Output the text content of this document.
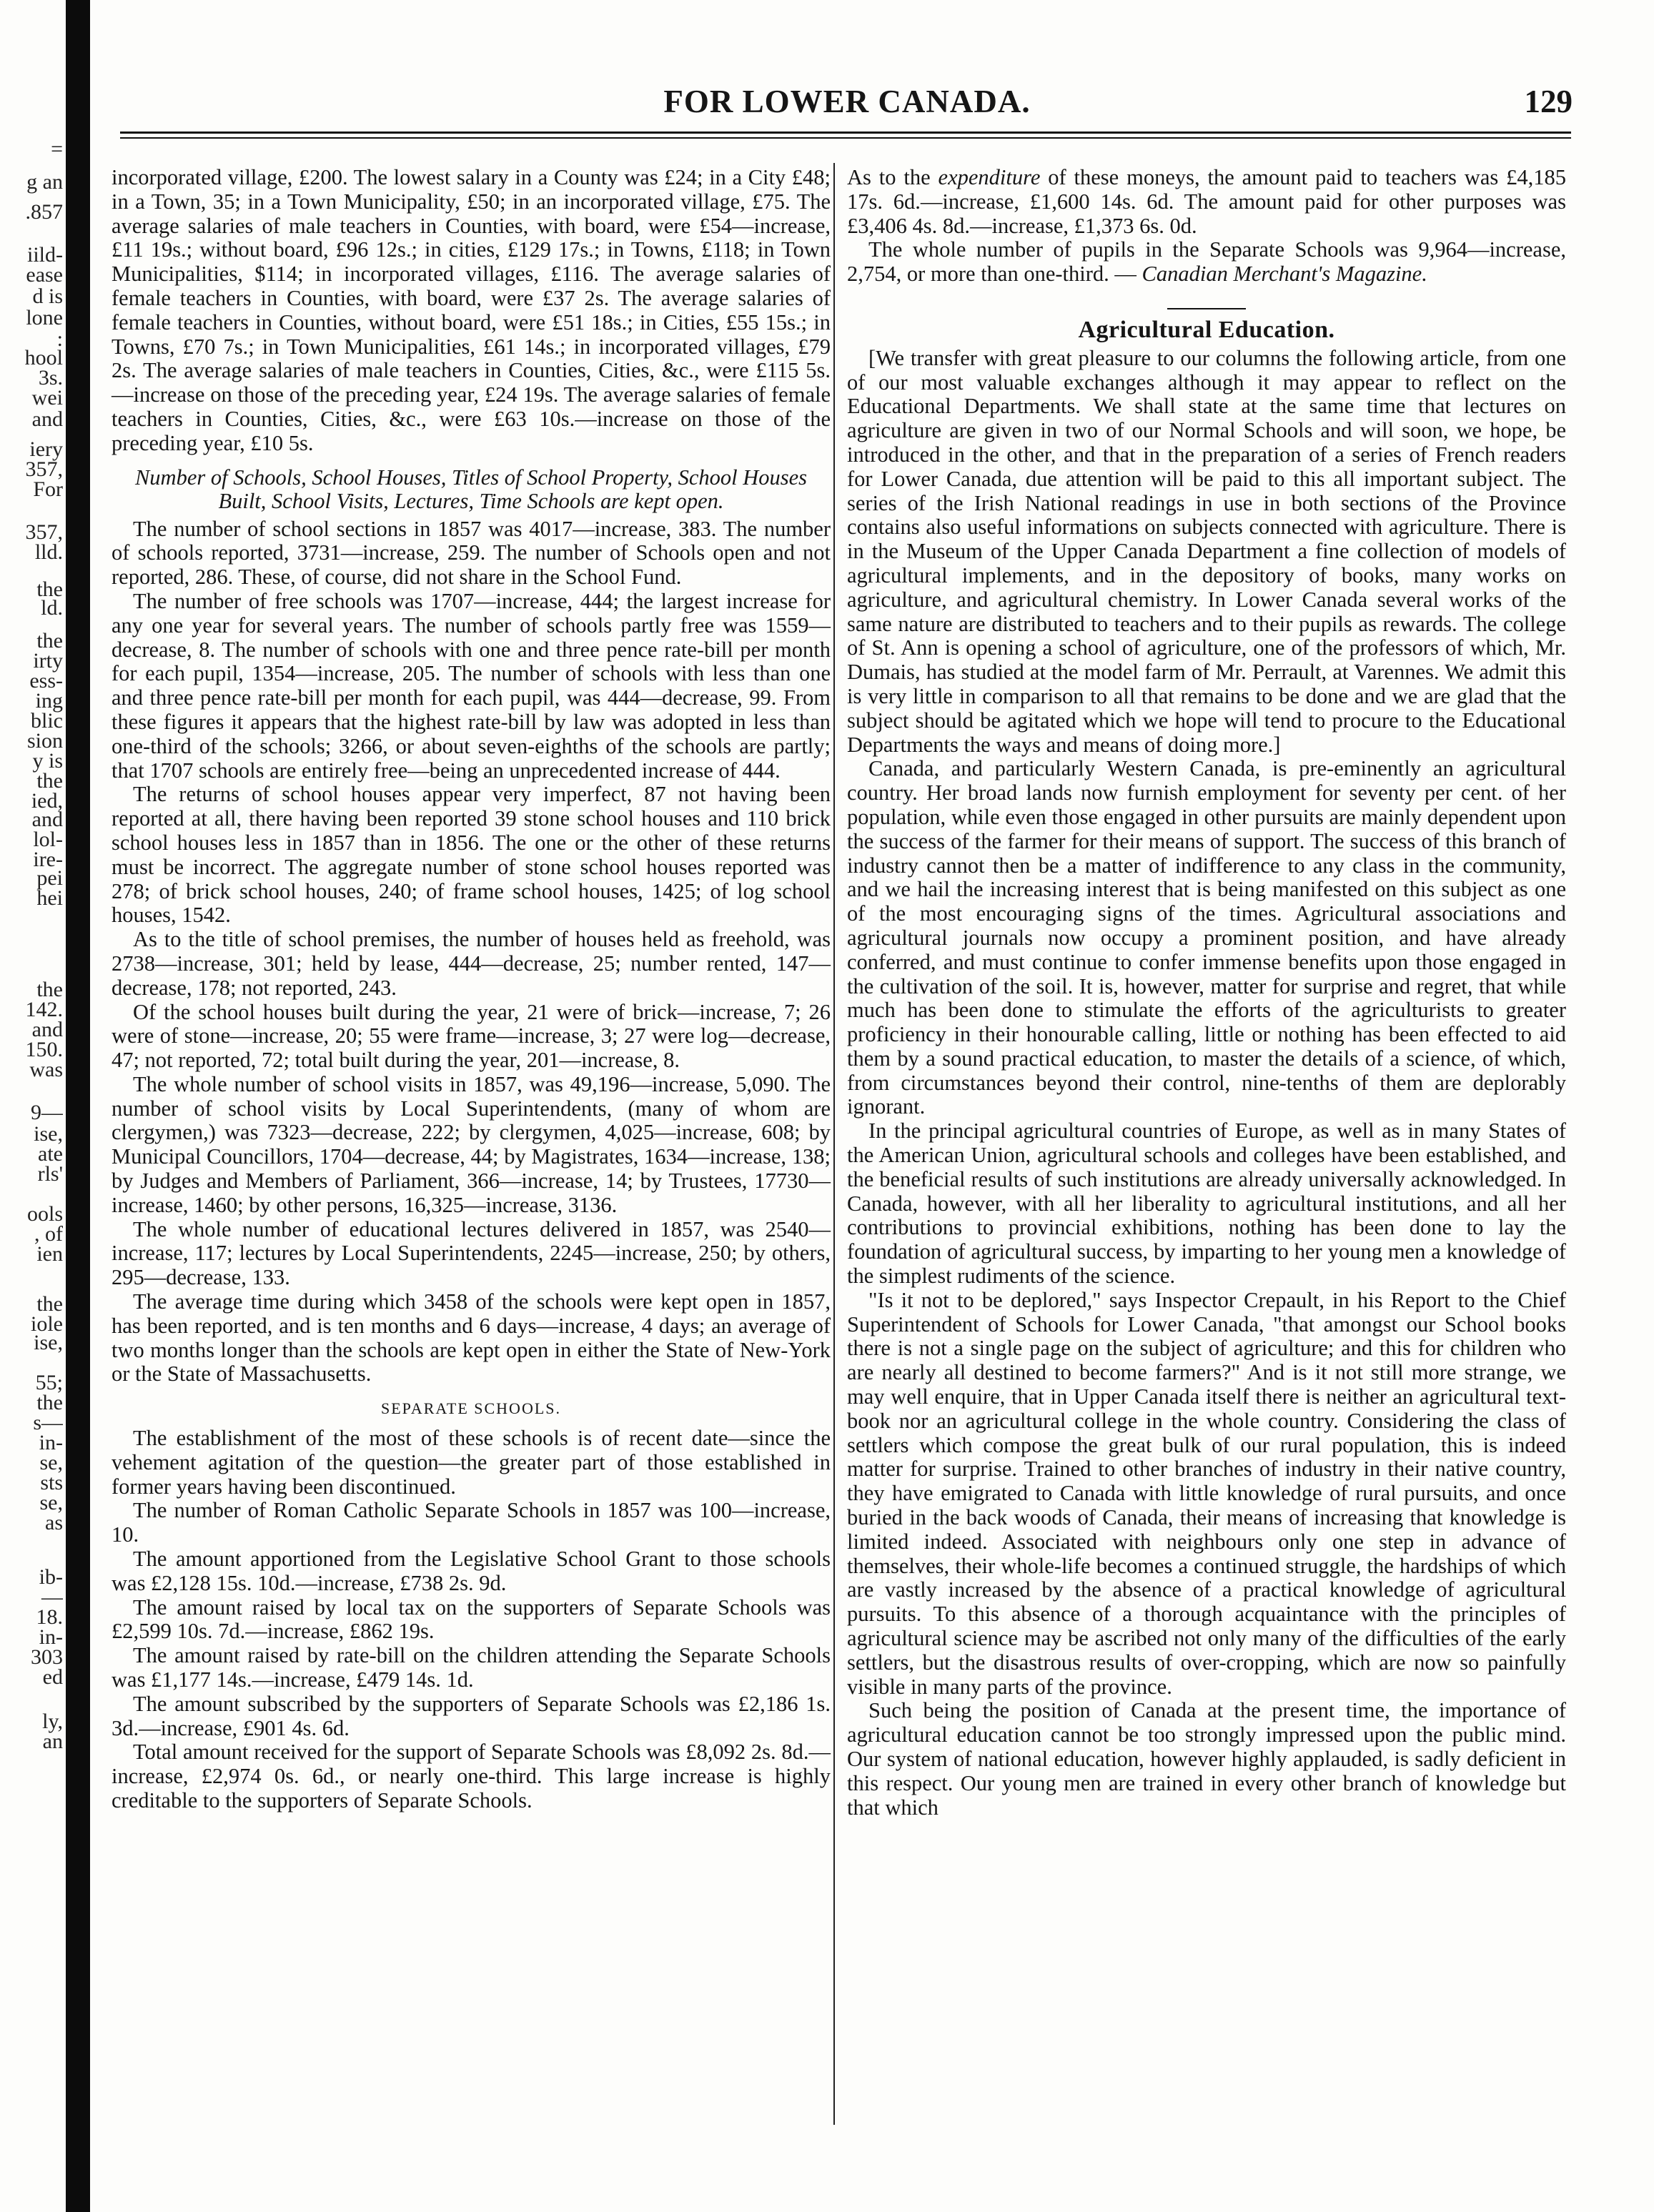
=
g an
.857
iild-
ease
d is
lone
:
hool
3s.
wei
and
iery
357,
For
357,
lld.
the
ld.
the
irty
ess-
ing
blic
sion
y is
the
ied,
and
lol-
ire-
pei
hei
the
142.
and
150.
was
9—
ise,
ate
rls'
ools
, of
ien
the
iole
ise,
55;
the
s—
in-
se,
sts
se,
as
ib-
—
18.
in-
303
ed
ly,
an
FOR LOWER CANADA.	129

incorporated village, £200. The lowest salary in a County was £24; in a City £48; in a Town, 35; in a Town Municipality, £50; in an incorporated village, £75. The average salaries of male teachers in Counties, with board, were £54—increase, £11 19s.; without board, £96 12s.; in cities, £129 17s.; in Towns, £118; in Town Municipalities, $114; in incorporated villages, £116. The average salaries of female teachers in Counties, with board, were £37 2s. The average salaries of female teachers in Counties, without board, were £51 18s.; in Cities, £55 15s.; in Towns, £70 7s.; in Town Municipalities, £61 14s.; in incorporated villages, £79 2s. The average salaries of male teachers in Counties, Cities, &c., were £115 5s.—increase on those of the preceding year, £24 19s. The average salaries of female teachers in Counties, Cities, &c., were £63 10s.—increase on those of the preceding year, £10 5s.

Number of Schools, School Houses, Titles of School Property, School Houses Built, School Visits, Lectures, Time Schools are kept open.

The number of school sections in 1857 was 4017—increase, 383. The number of schools reported, 3731—increase, 259. The number of Schools open and not reported, 286. These, of course, did not share in the School Fund.

The number of free schools was 1707—increase, 444; the largest increase for any one year for several years. The number of schools partly free was 1559—decrease, 8. The number of schools with one and three pence rate-bill per month for each pupil, 1354—increase, 205. The number of schools with less than one and three pence rate-bill per month for each pupil, was 444—decrease, 99. From these figures it appears that the highest rate-bill by law was adopted in less than one-third of the schools; 3266, or about seven-eighths of the schools are partly; that 1707 schools are entirely free—being an unprecedented increase of 444.

The returns of school houses appear very imperfect, 87 not having been reported at all, there having been reported 39 stone school houses and 110 brick school houses less in 1857 than in 1856. The one or the other of these returns must be incorrect. The aggregate number of stone school houses reported was 278; of brick school houses, 240; of frame school houses, 1425; of log school houses, 1542.

As to the title of school premises, the number of houses held as freehold, was 2738—increase, 301; held by lease, 444—decrease, 25; number rented, 147—decrease, 178; not reported, 243.

Of the school houses built during the year, 21 were of brick—increase, 7; 26 were of stone—increase, 20; 55 were frame—increase, 3; 27 were log—decrease, 47; not reported, 72; total built during the year, 201—increase, 8.

The whole number of school visits in 1857, was 49,196—increase, 5,090. The number of school visits by Local Superintendents, (many of whom are clergymen,) was 7323—decrease, 222; by clergymen, 4,025—increase, 608; by Municipal Councillors, 1704—decrease, 44; by Magistrates, 1634—increase, 138; by Judges and Members of Parliament, 366—increase, 14; by Trustees, 17730—increase, 1460; by other persons, 16,325—increase, 3136.

The whole number of educational lectures delivered in 1857, was 2540—increase, 117; lectures by Local Superintendents, 2245—increase, 250; by others, 295—decrease, 133.

The average time during which 3458 of the schools were kept open in 1857, has been reported, and is ten months and 6 days—increase, 4 days; an average of two months longer than the schools are kept open in either the State of New-York or the State of Massachusetts.

SEPARATE SCHOOLS.

The establishment of the most of these schools is of recent date—since the vehement agitation of the question—the greater part of those established in former years having been discontinued.

The number of Roman Catholic Separate Schools in 1857 was 100—increase, 10.

The amount apportioned from the Legislative School Grant to those schools was £2,128 15s. 10d.—increase, £738 2s. 9d.

The amount raised by local tax on the supporters of Separate Schools was £2,599 10s. 7d.—increase, £862 19s.

The amount raised by rate-bill on the children attending the Separate Schools was £1,177 14s.—increase, £479 14s. 1d.

The amount subscribed by the supporters of Separate Schools was £2,186 1s. 3d.—increase, £901 4s. 6d.

Total amount received for the support of Separate Schools was £8,092 2s. 8d.—increase, £2,974 0s. 6d., or nearly one-third. This large increase is highly creditable to the supporters of Separate Schools.

As to the expenditure of these moneys, the amount paid to teachers was £4,185 17s. 6d.—increase, £1,600 14s. 6d. The amount paid for other purposes was £3,406 4s. 8d.—increase, £1,373 6s. 0d.

The whole number of pupils in the Separate Schools was 9,964—increase, 2,754, or more than one-third. — Canadian Merchant's Magazine.

Agricultural Education.

[We transfer with great pleasure to our columns the following article, from one of our most valuable exchanges although it may appear to reflect on the Educational Departments. We shall state at the same time that lectures on agriculture are given in two of our Normal Schools and will soon, we hope, be introduced in the other, and that in the preparation of a series of French readers for Lower Canada, due attention will be paid to this all important subject. The series of the Irish National readings in use in both sections of the Province contains also useful informations on subjects connected with agriculture. There is in the Museum of the Upper Canada Department a fine collection of models of agricultural implements, and in the depository of books, many works on agriculture, and agricultural chemistry. In Lower Canada several works of the same nature are distributed to teachers and to their pupils as rewards. The college of St. Ann is opening a school of agriculture, one of the professors of which, Mr. Dumais, has studied at the model farm of Mr. Perrault, at Varennes. We admit this is very little in comparison to all that remains to be done and we are glad that the subject should be agitated which we hope will tend to procure to the Educational Departments the ways and means of doing more.]

Canada, and particularly Western Canada, is pre-eminently an agricultural country. Her broad lands now furnish employment for seventy per cent. of her population, while even those engaged in other pursuits are mainly dependent upon the success of the farmer for their means of support. The success of this branch of industry cannot then be a matter of indifference to any class in the community, and we hail the increasing interest that is being manifested on this subject as one of the most encouraging signs of the times. Agricultural associations and agricultural journals now occupy a prominent position, and have already conferred, and must continue to confer immense benefits upon those engaged in the cultivation of the soil. It is, however, matter for surprise and regret, that while much has been done to stimulate the efforts of the agriculturists to greater proficiency in their honourable calling, little or nothing has been effected to aid them by a sound practical education, to master the details of a science, of which, from circumstances beyond their control, nine-tenths of them are deplorably ignorant.

In the principal agricultural countries of Europe, as well as in many States of the American Union, agricultural schools and colleges have been established, and the beneficial results of such institutions are already universally acknowledged. In Canada, however, with all her liberality to agricultural institutions, and all her contributions to provincial exhibitions, nothing has been done to lay the foundation of agricultural success, by imparting to her young men a knowledge of the simplest rudiments of the science.

"Is it not to be deplored," says Inspector Crepault, in his Report to the Chief Superintendent of Schools for Lower Canada, "that amongst our School books there is not a single page on the subject of agriculture; and this for children who are nearly all destined to become farmers?" And is it not still more strange, we may well enquire, that in Upper Canada itself there is neither an agricultural text-book nor an agricultural college in the whole country. Considering the class of settlers which compose the great bulk of our rural population, this is indeed matter for surprise. Trained to other branches of industry in their native country, they have emigrated to Canada with little knowledge of rural pursuits, and once buried in the back woods of Canada, their means of increasing that knowledge is limited indeed. Associated with neighbours only one step in advance of themselves, their whole-life becomes a continued struggle, the hardships of which are vastly increased by the absence of a practical knowledge of agricultural pursuits. To this absence of a thorough acquaintance with the principles of agricultural science may be ascribed not only many of the difficulties of the early settlers, but the disastrous results of over-cropping, which are now so painfully visible in many parts of the province.

Such being the position of Canada at the present time, the importance of agricultural education cannot be too strongly impressed upon the public mind. Our system of national education, however highly applauded, is sadly deficient in this respect. Our young men are trained in every other branch of knowledge but that which
